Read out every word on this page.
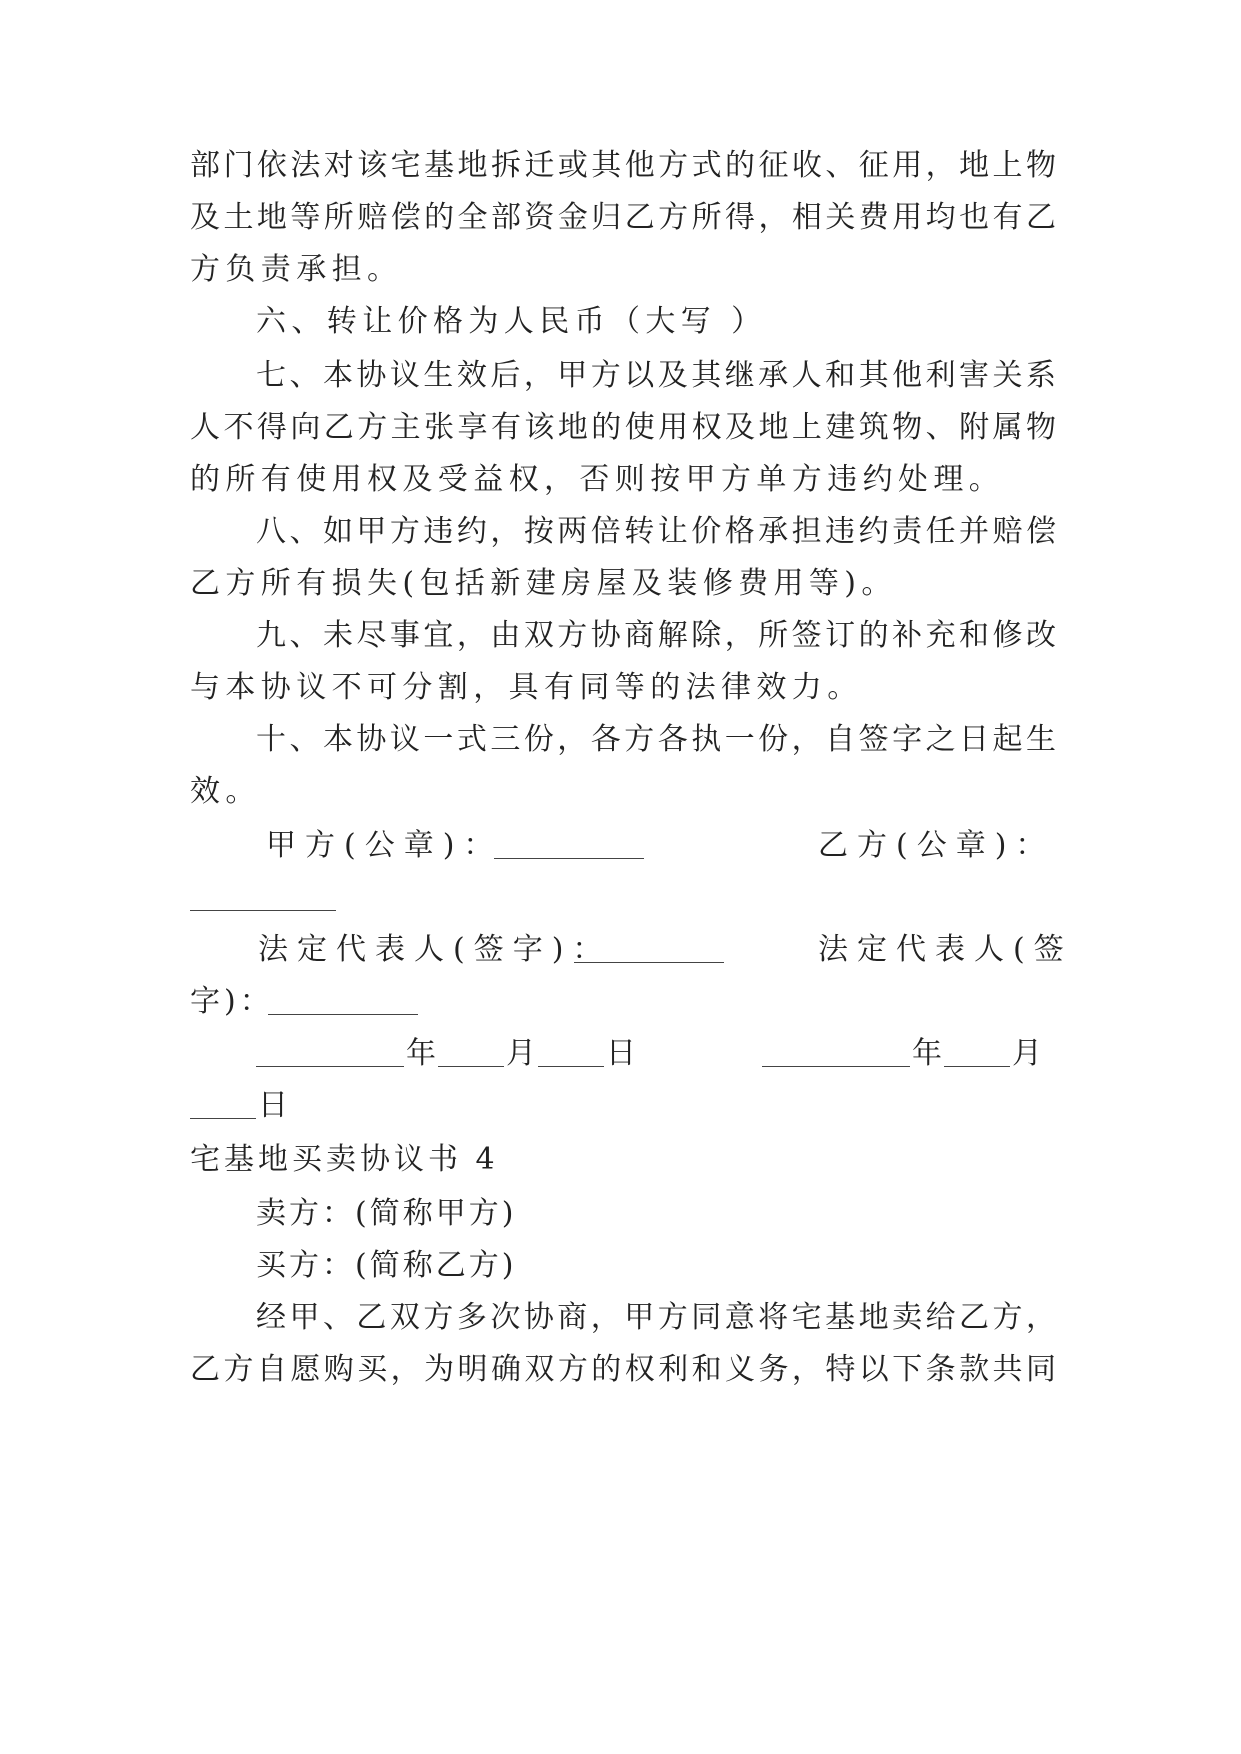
部门依法对该宅基地拆迁或其他方式的征收、征用，地上物
及土地等所赔偿的全部资金归乙方所得，相关费用均也有乙
方负责承担。
六、转让价格为人民币（大写 ）
七、本协议生效后，甲方以及其继承人和其他利害关系
人不得向乙方主张享有该地的使用权及地上建筑物、附属物
的所有使用权及受益权，否则按甲方单方违约处理。
八、如甲方违约，按两倍转让价格承担违约责任并赔偿
乙方所有损失(包括新建房屋及装修费用等)。
九、未尽事宜，由双方协商解除，所签订的补充和修改
与本协议不可分割，具有同等的法律效力。
十、本协议一式三份，各方各执一份，自签字之日起生
效。
甲方(公章)：	乙方(公章)：
法定代表人(签字)：	法定代表人(签
字)：
年 月 日	年 月
日
宅基地买卖协议书 4
卖方：(简称甲方)
买方：(简称乙方)
经甲、乙双方多次协商，甲方同意将宅基地卖给乙方，
乙方自愿购买，为明确双方的权利和义务，特以下条款共同
